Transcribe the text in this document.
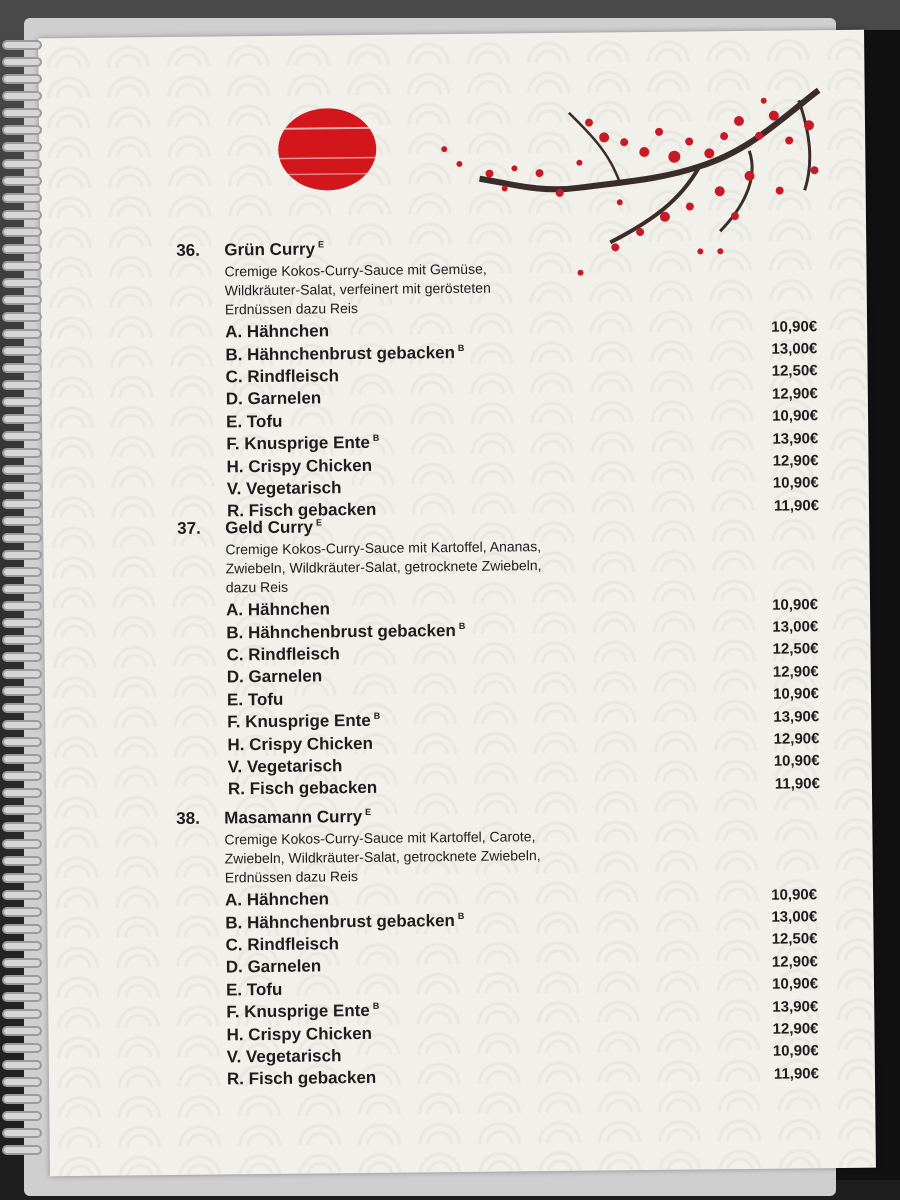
36.	Grün Curry $^E$
Cremige Kokos-Curry-Sauce mit Gemüse,
Wildkräuter-Salat, verfeinert mit gerösteten
Erdnüssen dazu Reis
A. Hähnchen	10,90€
B. Hähnchenbrust gebacken $^B$	13,00€
C. Rindfleisch	12,50€
D. Garnelen	12,90€
E. Tofu	10,90€
F. Knusprige Ente $^B$	13,90€
H. Crispy Chicken	12,90€
V. Vegetarisch	10,90€
R. Fisch gebacken	11,90€
37.	Geld Curry $^E$
Cremige Kokos-Curry-Sauce mit Kartoffel, Ananas,
Zwiebeln, Wildkräuter-Salat, getrocknete Zwiebeln,
dazu Reis
A. Hähnchen	10,90€
B. Hähnchenbrust gebacken $^B$	13,00€
C. Rindfleisch	12,50€
D. Garnelen	12,90€
E. Tofu	10,90€
F. Knusprige Ente $^B$	13,90€
H. Crispy Chicken	12,90€
V. Vegetarisch	10,90€
R. Fisch gebacken	11,90€
38.	Masamann Curry $^E$
Cremige Kokos-Curry-Sauce mit Kartoffel, Carote,
Zwiebeln, Wildkräuter-Salat, getrocknete Zwiebeln,
Erdnüssen dazu Reis
A. Hähnchen	10,90€
B. Hähnchenbrust gebacken $^B$	13,00€
C. Rindfleisch	12,50€
D. Garnelen	12,90€
E. Tofu	10,90€
F. Knusprige Ente $^B$	13,90€
H. Crispy Chicken	12,90€
V. Vegetarisch	10,90€
R. Fisch gebacken	11,90€
